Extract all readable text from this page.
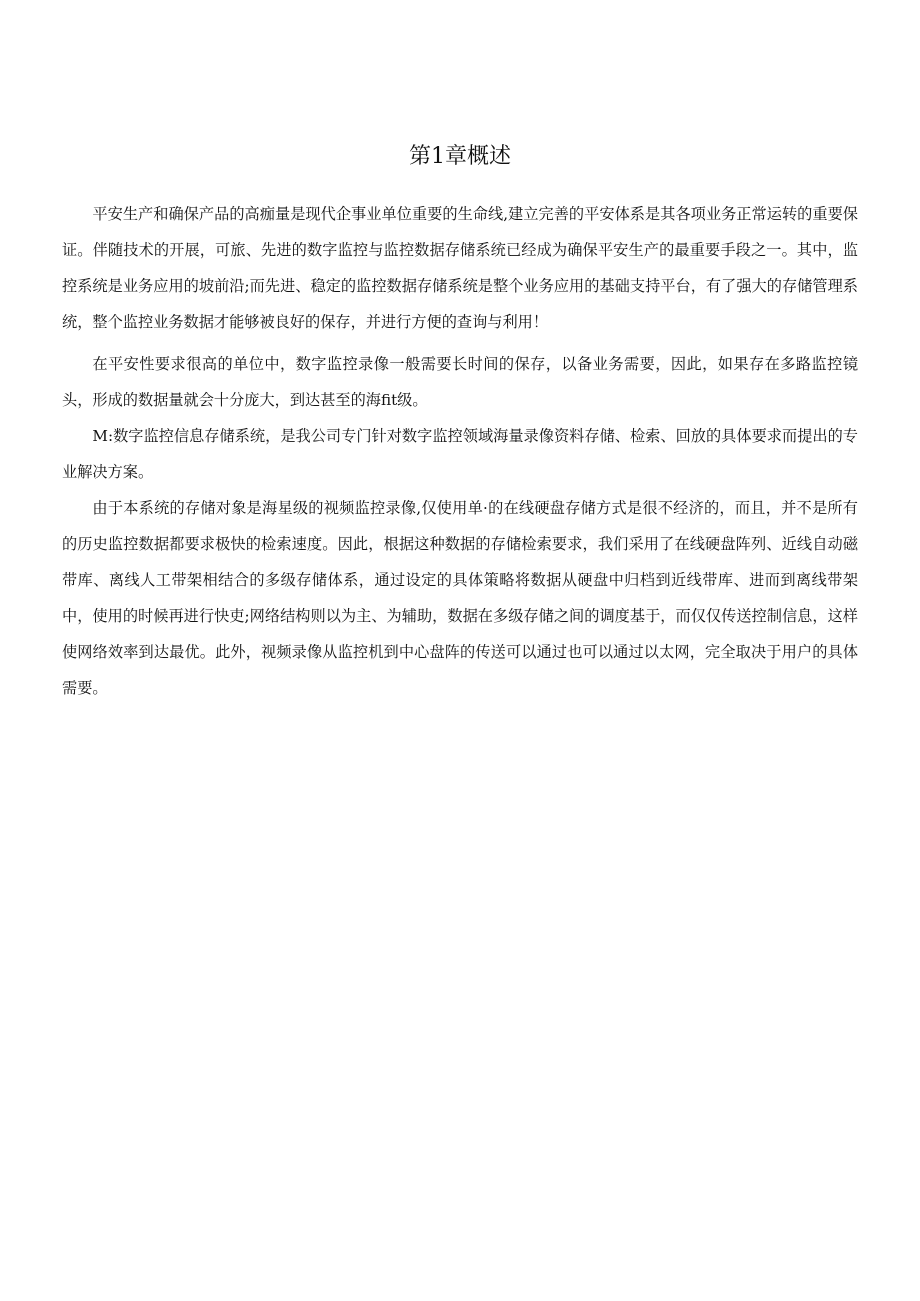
第1章概述

平安生产和确保产品的高痂量是现代企事业单位重要的生命线,建立完善的平安体系是其各项业务正常运转的重要保证。伴随技术的开展，可旅、先进的数字监控与监控数据存储系统已经成为确保平安生产的最重要手段之一。其中，监控系统是业务应用的坡前沿;而先进、稳定的监控数据存储系统是整个业务应用的基础支持平台，有了强大的存储管理系统，整个监控业务数据才能够被良好的保存，并进行方便的查询与利用！

在平安性要求很高的单位中，数字监控录像一般需要长时间的保存，以备业务需要，因此，如果存在多路监控镜头，形成的数据量就会十分庞大，到达甚至的海fit级。

M:数字监控信息存储系统，是我公司专门针对数字监控领域海量录像资料存储、检索、回放的具体要求而提出的专业解决方案。

由于本系统的存储对象是海星级的视频监控录像,仅使用单·的在线硬盘存储方式是很不经济的，而且，并不是所有的历史监控数据都要求极快的检索速度。因此，根据这种数据的存储检索要求，我们采用了在线硬盘阵列、近线自动磁带库、离线人工带架相结合的多级存储体系，通过设定的具体策略将数据从硬盘中归档到近线带库、进而到离线带架中，使用的时候再进行快吏;网络结构则以为主、为辅助，数据在多级存储之间的调度基于，而仅仅传送控制信息，这样使网络效率到达最优。此外，视频录像从监控机到中心盘阵的传送可以通过也可以通过以太网，完全取决于用户的具体需要。
